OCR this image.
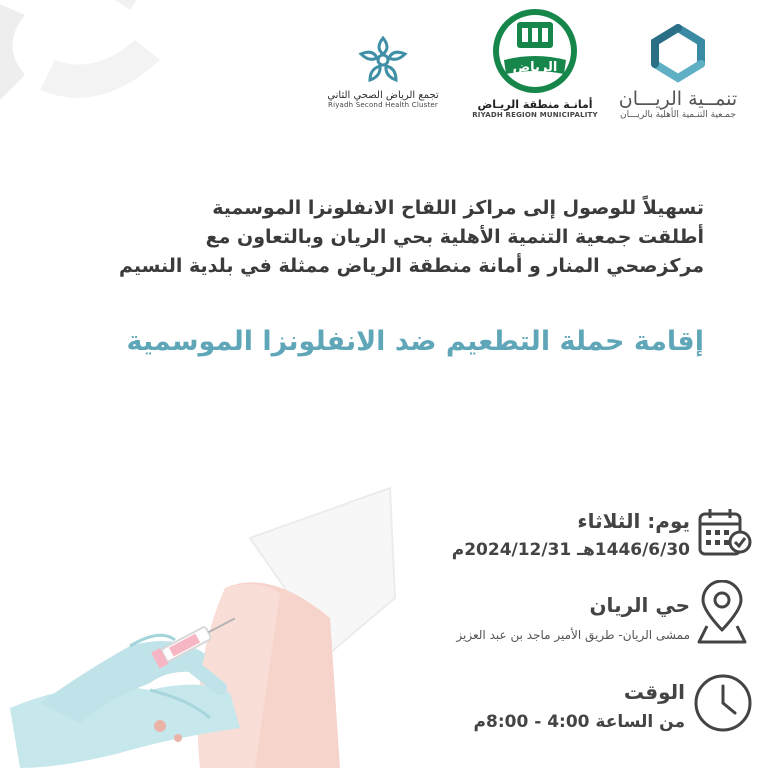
تجمع الرياض الصحي الثاني
Riyadh Second Health Cluster
الرياض
أمانـة منطقة الريـاض
RIYADH REGION MUNICIPALITY
تنمــية الريـــان
جمـعية التنـمية الأهلية بالريـــان
تسهيلاً للوصول إلى مراكز اللقاح الانفلونزا الموسمية
أطلقت جمعية التنمية الأهلية بحي الريان وبالتعاون مع
مركزصحي المنار و أمانة منطقة الرياض ممثلة في بلدية النسيم
إقامة حملة التطعيم ضد الانفلونزا الموسمية
يوم: الثلاثاء
1446/6/30هـ 2024/12/31م
حي الريان
ممشى الريان- طريق الأمير ماجد بن عبد العزيز
الوقت
من الساعة 4:00 - 8:00م
